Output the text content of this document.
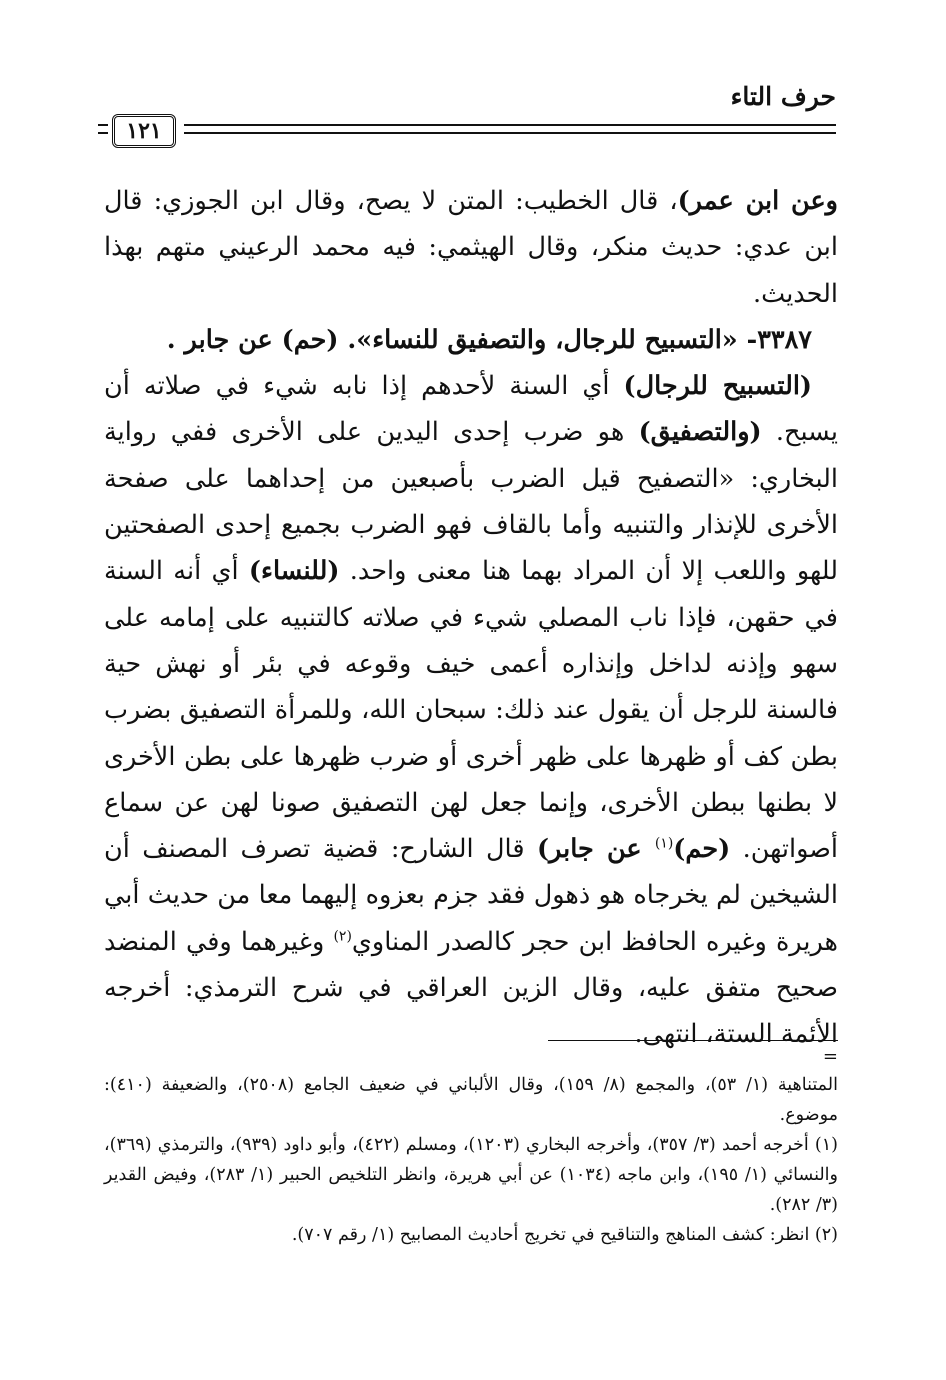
حرف التاء
١٢١

وعن ابن عمر)، قال الخطيب: المتن لا يصح، وقال ابن الجوزي: قال ابن عدي: حديث منكر، وقال الهيثمي: فيه محمد الرعيني متهم بهذا الحديث.

٣٣٨٧- «التسبيح للرجال، والتصفيق للنساء». (حم) عن جابر .

(التسبيح للرجال) أي السنة لأحدهم إذا نابه شيء في صلاته أن يسبح. (والتصفيق) هو ضرب إحدى اليدين على الأخرى ففي رواية البخاري: «التصفيح قيل الضرب بأصبعين من إحداهما على صفحة الأخرى للإنذار والتنبيه وأما بالقاف فهو الضرب بجميع إحدى الصفحتين للهو واللعب إلا أن المراد بهما هنا معنى واحد. (للنساء) أي أنه السنة في حقهن، فإذا ناب المصلي شيء في صلاته كالتنبيه على إمامه على سهو وإذنه لداخل وإنذاره أعمى خيف وقوعه في بئر أو نهش حية فالسنة للرجل أن يقول عند ذلك: سبحان الله، وللمرأة التصفيق بضرب بطن كف أو ظهرها على ظهر أخرى أو ضرب ظهرها على بطن الأخرى لا بطنها ببطن الأخرى، وإنما جعل لهن التصفيق صونا لهن عن سماع أصواتهن. (حم)$^{(١)}$ عن جابر) قال الشارح: قضية تصرف المصنف أن الشيخين لم يخرجاه هو ذهول فقد جزم بعزوه إليهما معا من حديث أبي هريرة وغيره الحافظ ابن حجر كالصدر المناوي$^{(٢)}$ وغيرهما وفي المنضد صحيح متفق عليه، وقال الزين العراقي في شرح الترمذي: أخرجه الأئمة الستة، انتهى.

=

المتناهية (١/ ٥٣)، والمجمع (٨/ ١٥٩)، وقال الألباني في ضعيف الجامع (٢٥٠٨)، والضعيفة (٤١٠): موضوع.

(١) أخرجه أحمد (٣/ ٣٥٧)، وأخرجه البخاري (١٢٠٣)، ومسلم (٤٢٢)، وأبو داود (٩٣٩)، والترمذي (٣٦٩)، والنسائي (١/ ١٩٥)، وابن ماجه (١٠٣٤) عن أبي هريرة، وانظر التلخيص الحبير (١/ ٢٨٣)، وفيض القدير (٣/ ٢٨٢).

(٢) انظر: كشف المناهج والتناقيح في تخريج أحاديث المصابيح (١/ رقم ٧٠٧).
